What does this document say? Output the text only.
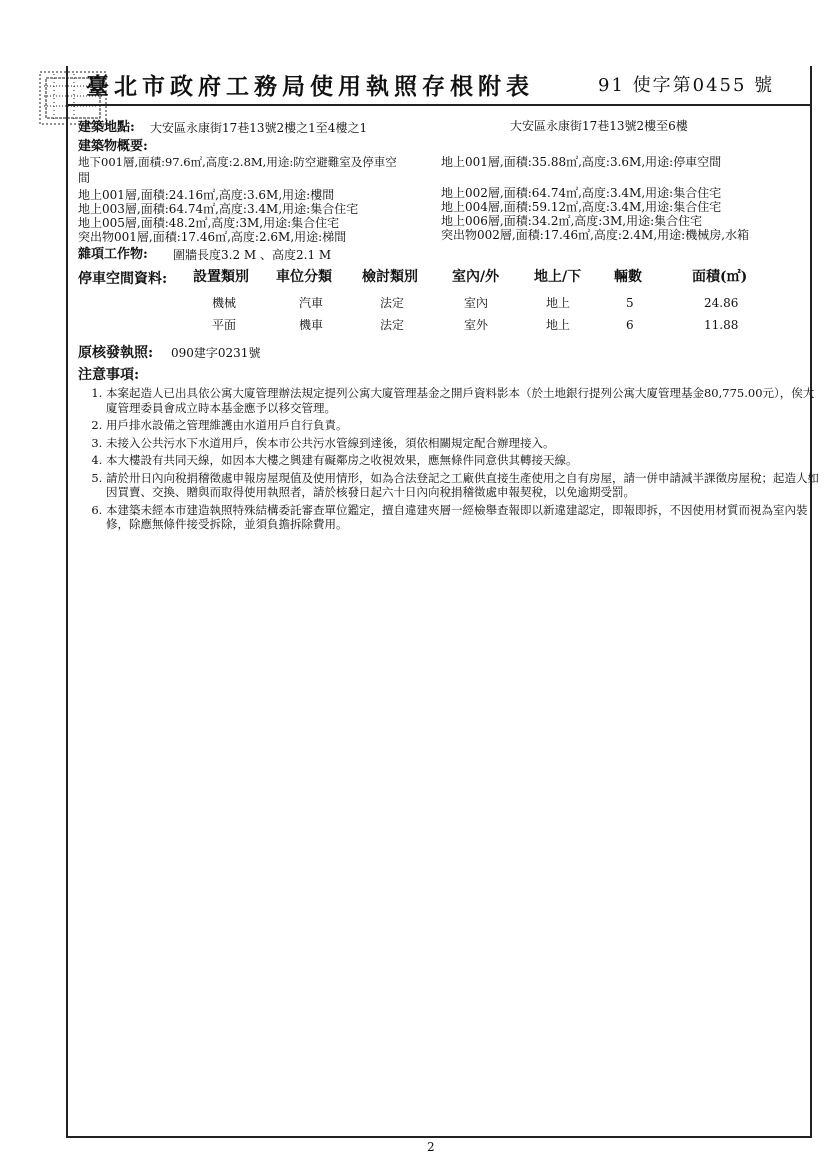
臺北市政府工務局使用執照存根附表	91 使字第0455 號
建築地點: 大安區永康街17巷13號2樓之1至4樓之1	大安區永康街17巷13號2樓至6樓
建築物概要:
地下001層,面積:97.6㎡,高度:2.8M,用途:防空避難室及停車空
間
地上001層,面積:35.88㎡,高度:3.6M,用途:停車空間
地上001層,面積:24.16㎡,高度:3.6M,用途:樓間
地上003層,面積:64.74㎡,高度:3.4M,用途:集合住宅
地上005層,面積:48.2㎡,高度:3M,用途:集合住宅
突出物001層,面積:17.46㎡,高度:2.6M,用途:梯間
地上002層,面積:64.74㎡,高度:3.4M,用途:集合住宅
地上004層,面積:59.12㎡,高度:3.4M,用途:集合住宅
地上006層,面積:34.2㎡,高度:3M,用途:集合住宅
突出物002層,面積:17.46㎡,高度:2.4M,用途:機械房,水箱
雜項工作物: 圍牆長度3.2 M 、高度2.1 M
停車空間資料: 設置類別 車位分類 檢討類別 室內/外 地上/下 輛數	面積(㎡)
機械	汽車	法定	室內	地上	5	24.86
平面	機車	法定	室外	地上	6	11.88
原核發執照: 090建字0231號
注意事項:
1. 本案起造人已出具依公寓大廈管理辦法規定提列公寓大廈管理基金之開戶資料影本（於土地銀行提列公寓大廈管理基金80,775.00元），俟大廈管理委員會成立時本基金應予以移交管理。
2. 用戶排水設備之管理維護由水道用戶自行負責。
3. 未接入公共污水下水道用戶，俟本市公共污水管線到達後，須依相關規定配合辦理接入。
4. 本大樓設有共同天線，如因本大樓之興建有礙鄰房之收視效果，應無條件同意供其轉接天線。
5. 請於卅日內向稅捐稽徵處申報房屋現值及使用情形，如為合法登記之工廠供直接生產使用之自有房屋，請一併申請減半課徵房屋稅；起造人如因買賣、交換、贈與而取得使用執照者，請於核發日起六十日內向稅捐稽徵處申報契稅，以免逾期受罰。
6. 本建築未經本市建造執照特殊結構委託審查單位鑑定，擅自違建夾層一經檢舉查報即以新違建認定，即報即拆，不因使用材質而視為室內裝修，除應無條件接受拆除，並須負擔拆除費用。
2
